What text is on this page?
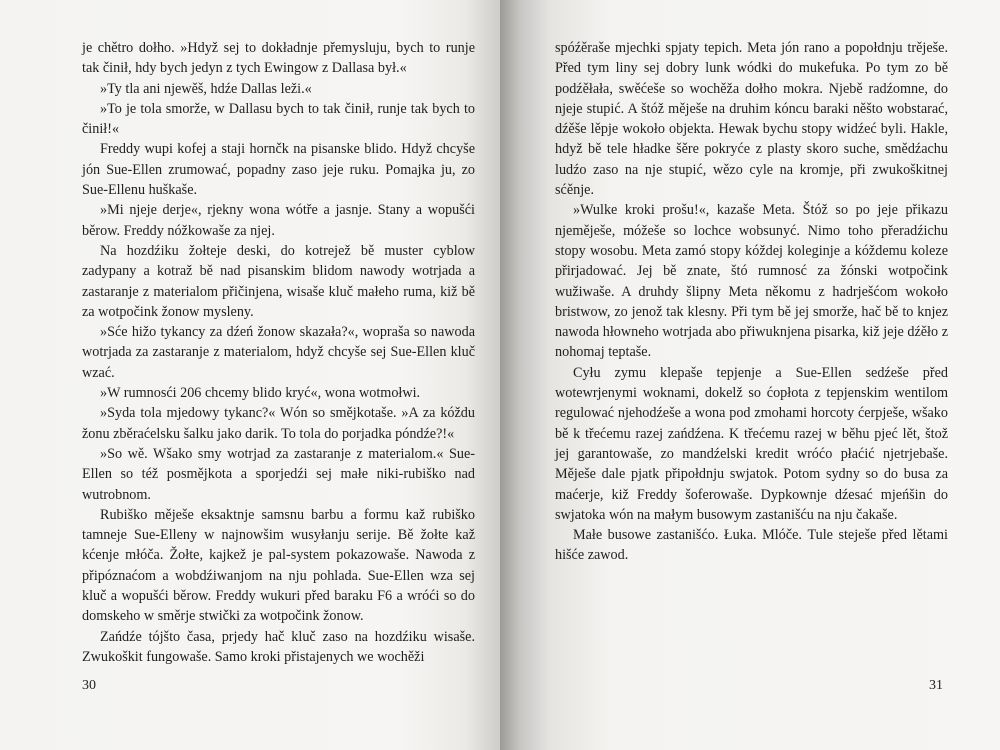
je chětro dołho. »Hdyž sej to dokładnje přemysluju, bych to runje tak činił, hdy bych jedyn z tych Ewingow z Dallasa był.«

»Ty tla ani njewěš, hdźe Dallas leži.«

»To je tola smorže, w Dallasu bych to tak činił, runje tak bych to činił!«

Freddy wupi kofej a staji hornčk na pisanske blido. Hdyž chcyše jón Sue-Ellen zrumować, popadny zaso jeje ruku. Pomajka ju, zo Sue-Ellenu huškaše.

»Mi njeje derje«, rjekny wona wótře a jasnje. Stany a wopušći běrow. Freddy nóžkowaše za njej.

Na hozdźiku žołteje deski, do kotrejež bě muster cyblow zadypany a kotraž bě nad pisanskim blidom nawody wotrjada a zastaranje z materialom přičinjena, wisaše kluč małeho ruma, kiž bě za wotpočink žonow mysleny.

»Sće hižo tykancy za dźeń žonow skazała?«, wopraša so nawoda wotrjada za zastaranje z materialom, hdyž chcyše sej Sue-Ellen kluč wzać.

»W rumnosći 206 chcemy blido kryć«, wona wotmołwi.

»Syda tola mjedowy tykanc?« Wón so směјkotaše. »A za kóždu žonu zběraćelsku šalku jako darik. To tola do porjadka póndźe?!«

»So wě. Wšako smy wotrjad za zastaranje z materialom.« Sue-Ellen so též posmějkota a sporjedźi sej małe niki-rubiško nad wutrobnom.

Rubiško měješe eksaktnje samsnu barbu a formu kaž rubiško tamneje Sue-Elleny w najnowšim wusyłanju serije. Bě žołte kaž kćenje młóča. Žołte, kajkež je pal-system pokazowaše. Nawoda z připóznaćom a wobdźiwanjom na nju pohlada. Sue-Ellen wza sej kluč a wopušći běrow. Freddy wukuri před baraku F6 a wróći so do domskeho w směrje stwički za wotpočink žonow.

Zańdźe tójšto časa, prjedy hač kluč zaso na hozdźiku wisaše. Zwukoškit fungowaše. Samo kroki přistajenych we wochěži

30

spóźěraše mjechki spjaty tepich. Meta jón rano a popołdnju trěješe. Před tym liny sej dobry lunk wódki do mukefuka. Po tym zo bě podźěłała, swěćeše so wochěža dołho mokra. Njebě radźomne, do njeje stupić. A štóž měješe na druhim kóncu baraki něšto wobstarać, dźěše lěpje wokoło objekta. Hewak bychu stopy widźeć byli. Hakle, hdyž bě tele hładke šěre pokryće z plasty skoro suche, smědźachu ludźo zaso na nje stupić, wězo cyle na kromje, při zwukoškitnej sćěnje.

»Wulke kroki prošu!«, kazaše Meta. Štóž so po jeje přikazu njeměješe, móžeše so lochce wobsunyć. Nimo toho přeradźichu stopy wosobu. Meta zamó stopy kóždej koleginje a kóždemu koleze přirjadować. Jej bě znate, štó rumnosć za žónski wotpočink wužiwaše. A druhdy šlipny Meta někomu z hadrješćom wokoło bristwow, zo jenož tak klesny. Při tym bě jej smorže, hač bě to knjez nawoda hłowneho wotrjada abo přiwuknjena pisarka, kiž jeje dźěło z nohomaj teptaše.

Cyłu zymu klepaše tepjenje a Sue-Ellen sedźeše před wotewrjenymi woknami, dokelž so ćopłota z tepjenskim wentilom regulować njehodźeše a wona pod zmohami horcoty ćerpješe, wšako bě k třećemu razej zańdźena. K třećemu razej w běhu pjeć lět, štož jej garantowaše, zo mandźelski kredit wróćo płaćić njetrjebaše. Měješe dale pjatk připołdnju swjatok. Potom sydny so do busa za maćerje, kiž Freddy šoferowaše. Dypkownje dźesać mjeńšin do swjatoka wón na małym busowym zastanišću na nju čakaše.

Małe busowe zastanišćo. Łuka. Mlóčе. Tule steješe před lětami hišće zawod.

31
